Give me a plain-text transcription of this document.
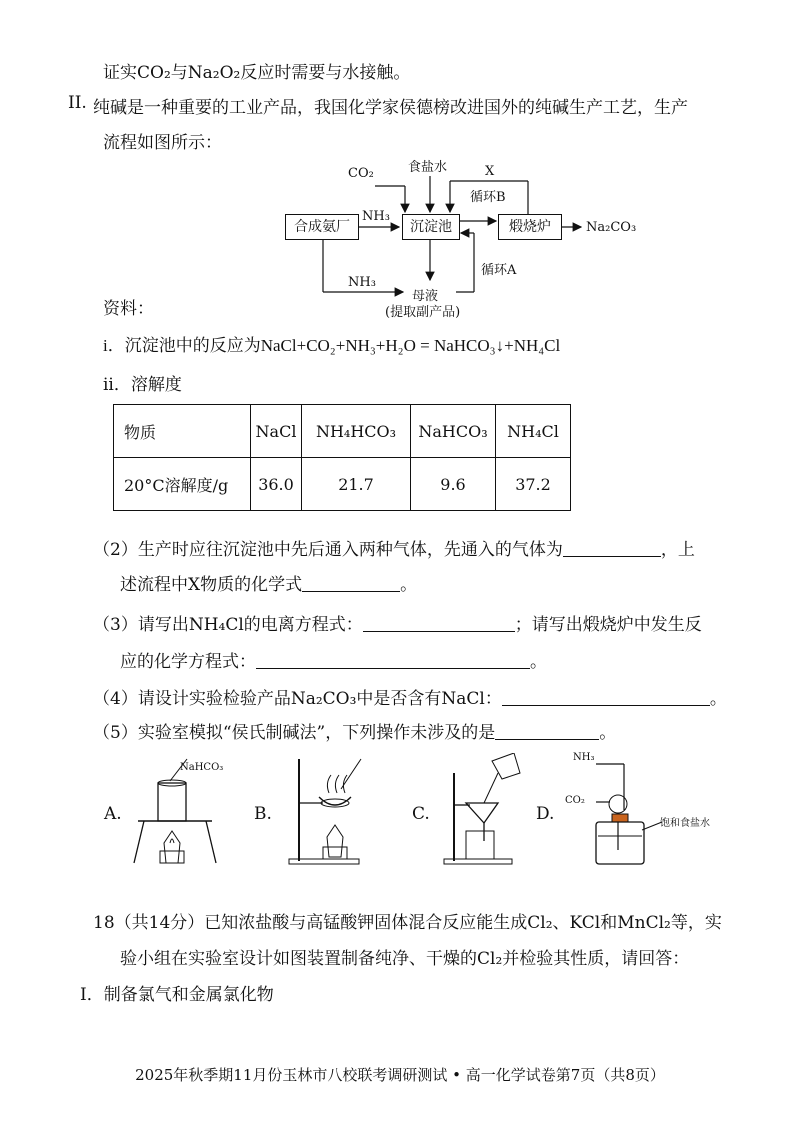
证实CO₂与Na₂O₂反应时需要与水接触。
II. 纯碱是一种重要的工业产品，我国化学家侯德榜改进国外的纯碱生产工艺，生产
流程如图所示：
合成氨厂	沉淀池	煅烧炉
CO₂	食盐水	X
循环B
NH₃
NH₃
循环A
Na₂CO₃
母液
(提取副产品)
资料：
i．沉淀池中的反应为NaCl+CO₂+NH₃+H₂O = NaHCO₃↓+NH₄Cl
ii．溶解度
物质	NaCl	NH₄HCO₃	NaHCO₃	NH₄Cl
20°C溶解度/g	36.0	21.7	9.6	37.2
（2）生产时应往沉淀池中先后通入两种气体，先通入的气体为	，上
述流程中X物质的化学式	。
（3）请写出NH₄Cl的电离方程式：	；请写出煅烧炉中发生反
应的化学方程式：	。
（4）请设计实验检验产品Na₂CO₃中是否含有NaCl：	。
（5）实验室模拟“侯氏制碱法”，下列操作未涉及的是	。
A.	B.	C.	D.
NaHCO₃
NH₃
CO₂
饱和食盐水
18（共14分）已知浓盐酸与高锰酸钾固体混合反应能生成Cl₂、KCl和MnCl₂等，实
验小组在实验室设计如图装置制备纯净、干燥的Cl₂并检验其性质，请回答：
I．制备氯气和金属氯化物
2025年秋季期11月份玉林市八校联考调研测试 • 高一化学试卷第7页（共8页）
